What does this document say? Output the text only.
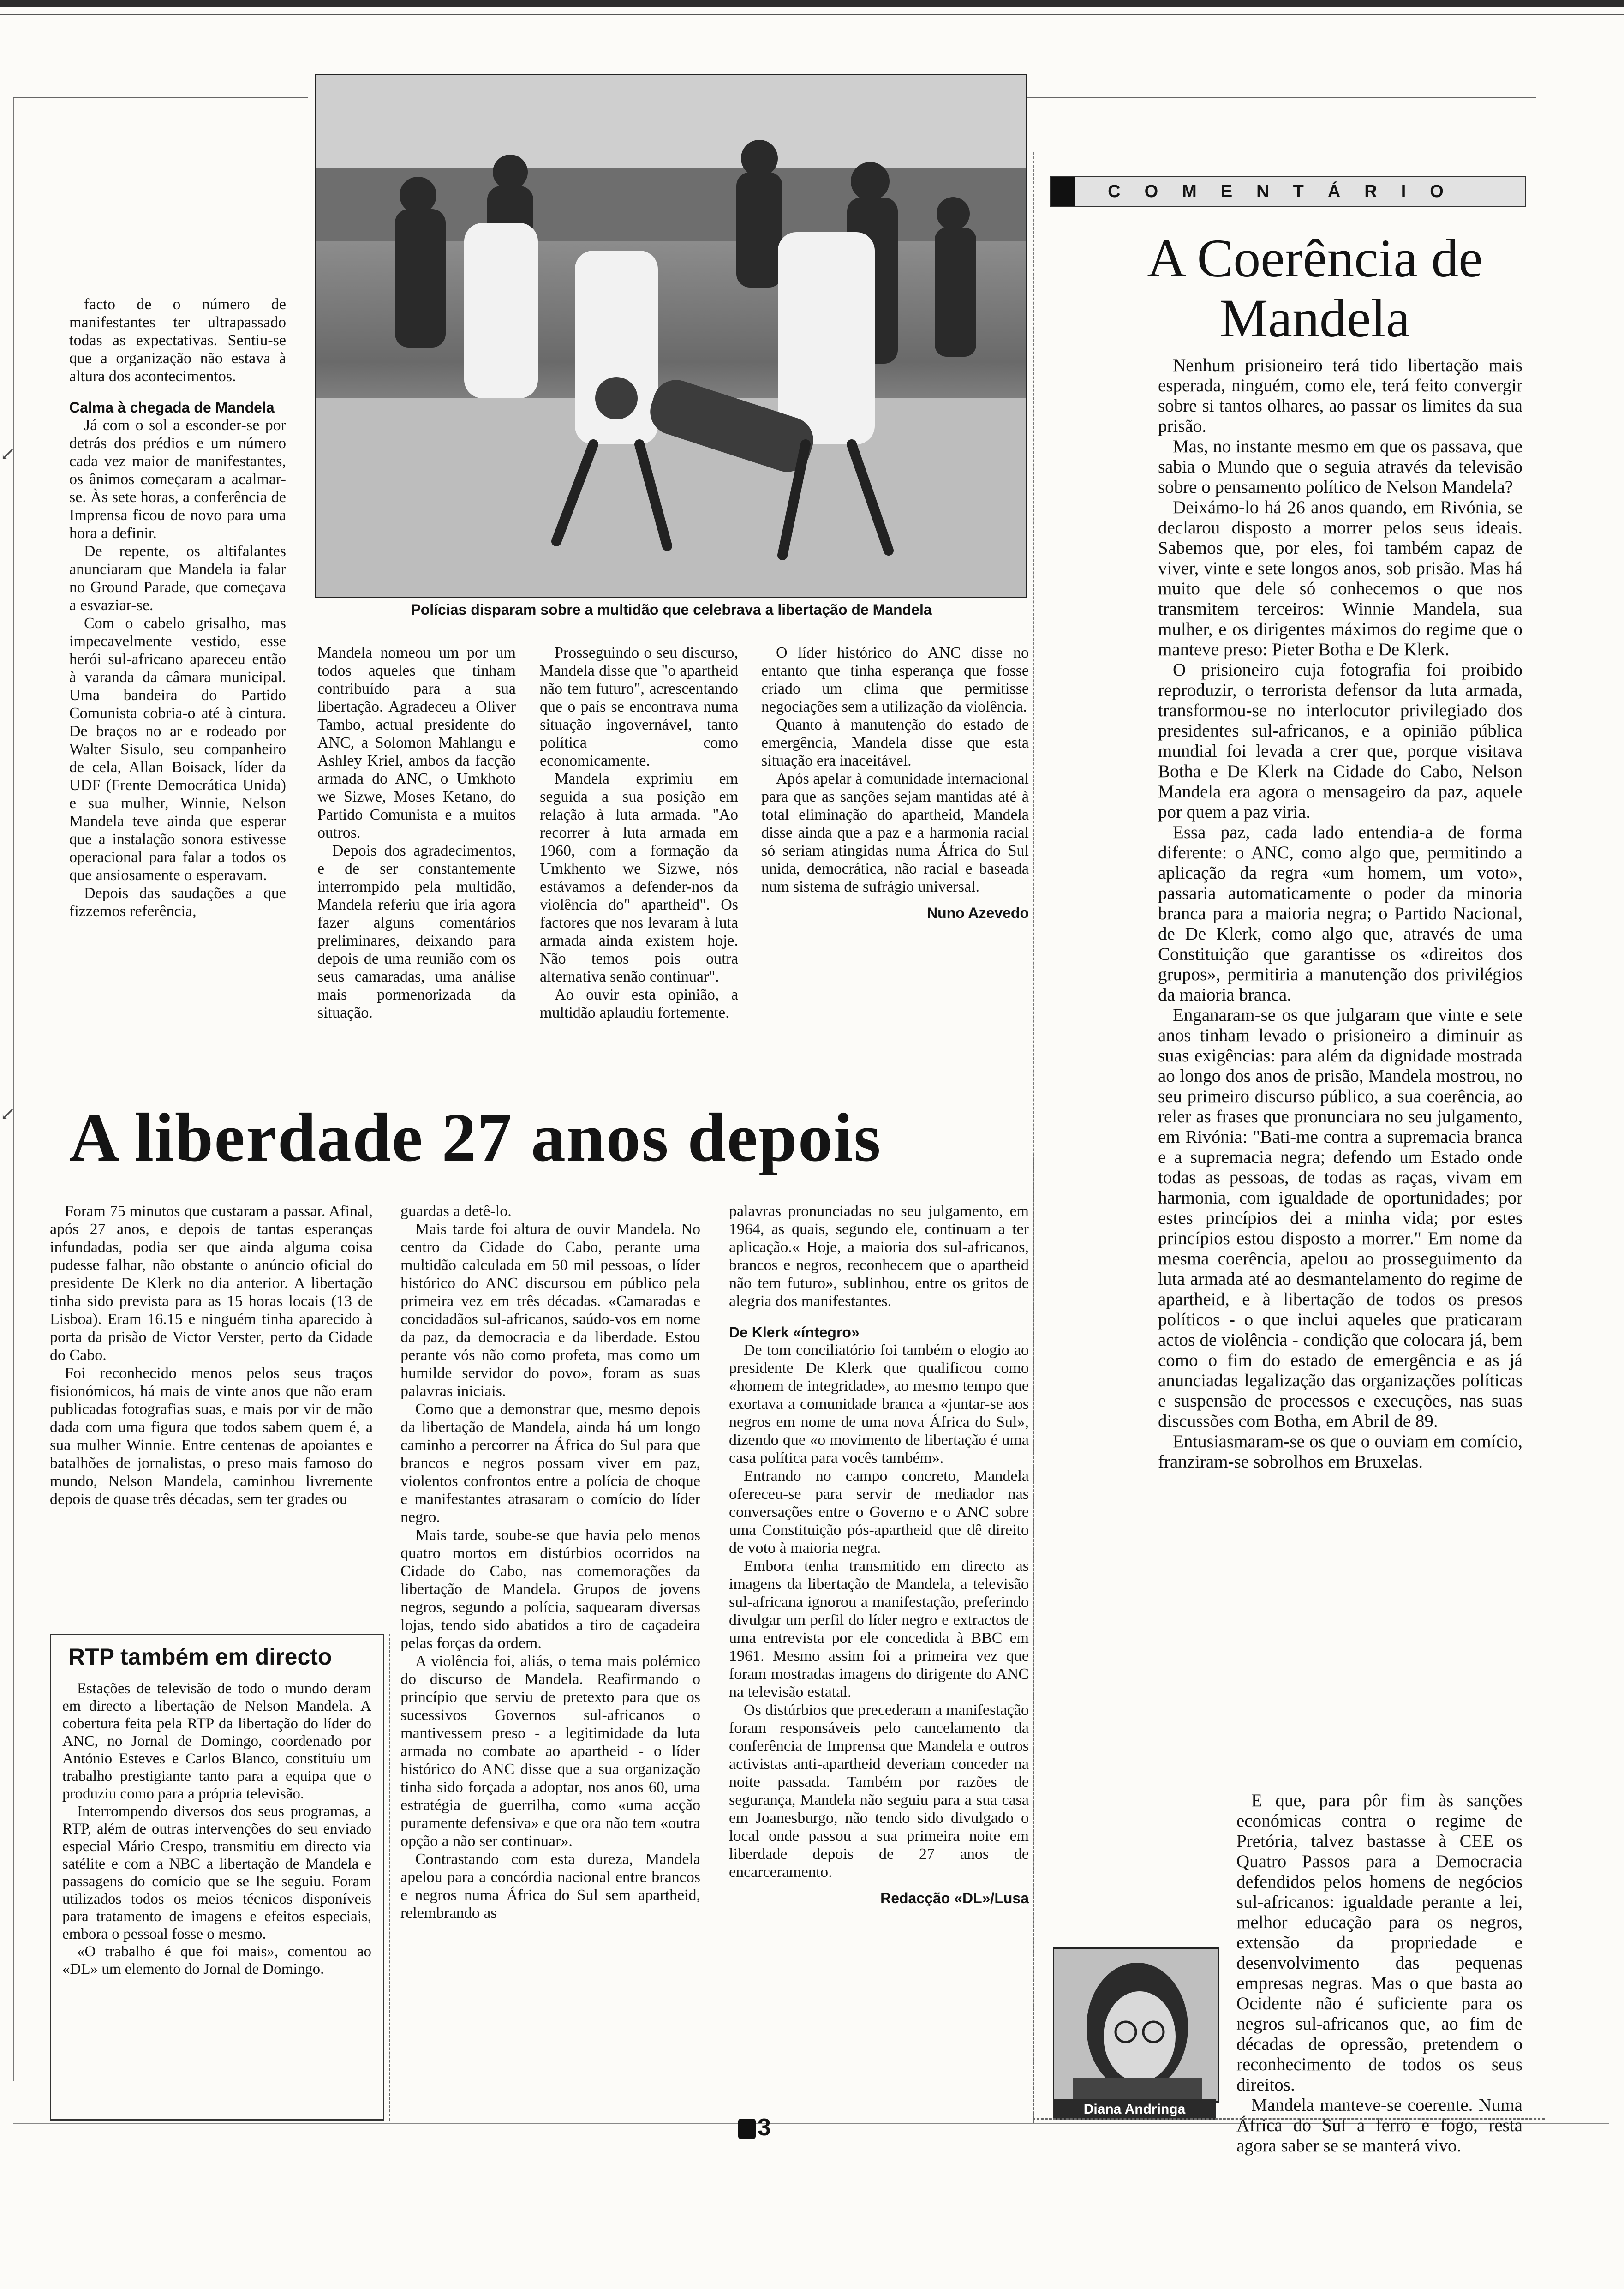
Polícias disparam sobre a multidão que celebrava a libertação de Mandela

facto de o número de manifestantes ter ultrapassado todas as expectativas. Sentiu-se que a organização não estava à altura dos acontecimentos.

Calma à chegada de Mandela

Já com o sol a esconder-se por detrás dos prédios e um número cada vez maior de manifestantes, os ânimos começaram a acalmar-se. Às sete horas, a conferência de Imprensa ficou de novo para uma hora a definir.

De repente, os altifalantes anunciaram que Mandela ia falar no Ground Parade, que começava a esvaziar-se.

Com o cabelo grisalho, mas impecavelmente vestido, esse herói sul-africano apareceu então à varanda da câmara municipal. Uma bandeira do Partido Comunista cobria-o até à cintura. De braços no ar e rodeado por Walter Sisulo, seu companheiro de cela, Allan Boisack, líder da UDF (Frente Democrática Unida) e sua mulher, Winnie, Nelson Mandela teve ainda que esperar que a instalação sonora estivesse operacional para falar a todos os que ansiosamente o esperavam.

Depois das saudações a que fizzemos referência,

Mandela nomeou um por um todos aqueles que tinham contribuído para a sua libertação. Agradeceu a Oliver Tambo, actual presidente do ANC, a Solomon Mahlangu e Ashley Kriel, ambos da facção armada do ANC, o Umkhoto we Sizwe, Moses Ketano, do Partido Comunista e a muitos outros.

Depois dos agradecimentos, e de ser constantemente interrompido pela multidão, Mandela referiu que iria agora fazer alguns comentários preliminares, deixando para depois de uma reunião com os seus camaradas, uma análise mais pormenorizada da situação.

Prosseguindo o seu discurso, Mandela disse que "o apartheid não tem futuro", acrescentando que o país se encontrava numa situação ingovernável, tanto política como economicamente.

Mandela exprimiu em seguida a sua posição em relação à luta armada. "Ao recorrer à luta armada em 1960, com a formação da Umkhento we Sizwe, nós estávamos a defender-nos da violência do" apartheid". Os factores que nos levaram à luta armada ainda existem hoje. Não temos pois outra alternativa senão continuar".

Ao ouvir esta opinião, a multidão aplaudiu fortemente.

O líder histórico do ANC disse no entanto que tinha esperança que fosse criado um clima que permitisse negociações sem a utilização da violência.

Quanto à manutenção do estado de emergência, Mandela disse que esta situação era inaceitável.

Após apelar à comunidade internacional para que as sanções sejam mantidas até à total eliminação do apartheid, Mandela disse ainda que a paz e a harmonia racial só seriam atingidas numa África do Sul unida, democrática, não racial e baseada num sistema de sufrágio universal.

Nuno Azevedo
A liberdade 27 anos depois

Foram 75 minutos que custaram a passar. Afinal, após 27 anos, e depois de tantas esperanças infundadas, podia ser que ainda alguma coisa pudesse falhar, não obstante o anúncio oficial do presidente De Klerk no dia anterior. A libertação tinha sido prevista para as 15 horas locais (13 de Lisboa). Eram 16.15 e ninguém tinha aparecido à porta da prisão de Victor Verster, perto da Cidade do Cabo.

Foi reconhecido menos pelos seus traços fisionómicos, há mais de vinte anos que não eram publicadas fotografias suas, e mais por vir de mão dada com uma figura que todos sabem quem é, a sua mulher Winnie. Entre centenas de apoiantes e batalhões de jornalistas, o preso mais famoso do mundo, Nelson Mandela, caminhou livremente depois de quase três décadas, sem ter grades ou

guardas a detê-lo.

Mais tarde foi altura de ouvir Mandela. No centro da Cidade do Cabo, perante uma multidão calculada em 50 mil pessoas, o líder histórico do ANC discursou em público pela primeira vez em três décadas. «Camaradas e concidadãos sul-africanos, saúdo-vos em nome da paz, da democracia e da liberdade. Estou perante vós não como profeta, mas como um humilde servidor do povo», foram as suas palavras iniciais.

Como que a demonstrar que, mesmo depois da libertação de Mandela, ainda há um longo caminho a percorrer na África do Sul para que brancos e negros possam viver em paz, violentos confrontos entre a polícia de choque e manifestantes atrasaram o comício do líder negro.

Mais tarde, soube-se que havia pelo menos quatro mortos em distúrbios ocorridos na Cidade do Cabo, nas comemorações da libertação de Mandela. Grupos de jovens negros, segundo a polícia, saquearam diversas lojas, tendo sido abatidos a tiro de caçadeira pelas forças da ordem.

A violência foi, aliás, o tema mais polémico do discurso de Mandela. Reafirmando o princípio que serviu de pretexto para que os sucessivos Governos sul-africanos o mantivessem preso - a legitimidade da luta armada no combate ao apartheid - o líder histórico do ANC disse que a sua organização tinha sido forçada a adoptar, nos anos 60, uma estratégia de guerrilha, como «uma acção puramente defensiva» e que ora não tem «outra opção a não ser continuar».

Contrastando com esta dureza, Mandela apelou para a concórdia nacional entre brancos e negros numa África do Sul sem apartheid, relembrando as

palavras pronunciadas no seu julgamento, em 1964, as quais, segundo ele, continuam a ter aplicação.« Hoje, a maioria dos sul-africanos, brancos e negros, reconhecem que o apartheid não tem futuro», sublinhou, entre os gritos de alegria dos manifestantes.

De Klerk «íntegro»

De tom conciliatório foi também o elogio ao presidente De Klerk que qualificou como «homem de integridade», ao mesmo tempo que exortava a comunidade branca a «juntar-se aos negros em nome de uma nova África do Sul», dizendo que «o movimento de libertação é uma casa política para vocês também».

Entrando no campo concreto, Mandela ofereceu-se para servir de mediador nas conversações entre o Governo e o ANC sobre uma Constituição pós-apartheid que dê direito de voto à maioria negra.

Embora tenha transmitido em directo as imagens da libertação de Mandela, a televisão sul-africana ignorou a manifestação, preferindo divulgar um perfil do líder negro e extractos de uma entrevista por ele concedida à BBC em 1961. Mesmo assim foi a primeira vez que foram mostradas imagens do dirigente do ANC na televisão estatal.

Os distúrbios que precederam a manifestação foram responsáveis pelo cancelamento da conferência de Imprensa que Mandela e outros activistas anti-apartheid deveriam conceder na noite passada. Também por razões de segurança, Mandela não seguiu para a sua casa em Joanesburgo, não tendo sido divulgado o local onde passou a sua primeira noite em liberdade depois de 27 anos de encarceramento.

Redacção «DL»/Lusa
RTP também em directo

Estações de televisão de todo o mundo deram em directo a libertação de Nelson Mandela. A cobertura feita pela RTP da libertação do líder do ANC, no Jornal de Domingo, coordenado por António Esteves e Carlos Blanco, constituiu um trabalho prestigiante tanto para a equipa que o produziu como para a própria televisão.

Interrompendo diversos dos seus programas, a RTP, além de outras intervenções do seu enviado especial Mário Crespo, transmitiu em directo via satélite e com a NBC a libertação de Mandela e passagens do comício que se lhe seguiu. Foram utilizados todos os meios técnicos disponíveis para tratamento de imagens e efeitos especiais, embora o pessoal fosse o mesmo.

«O trabalho é que foi mais», comentou ao «DL» um elemento do Jornal de Domingo.

COMENTÁRIO
A Coerência de Mandela

Nenhum prisioneiro terá tido libertação mais esperada, ninguém, como ele, terá feito convergir sobre si tantos olhares, ao passar os limites da sua prisão.

Mas, no instante mesmo em que os passava, que sabia o Mundo que o seguia através da televisão sobre o pensamento político de Nelson Mandela?

Deixámo-lo há 26 anos quando, em Rivónia, se declarou disposto a morrer pelos seus ideais. Sabemos que, por eles, foi também capaz de viver, vinte e sete longos anos, sob prisão. Mas há muito que dele só conhecemos o que nos transmitem terceiros: Winnie Mandela, sua mulher, e os dirigentes máximos do regime que o manteve preso: Pieter Botha e De Klerk.

O prisioneiro cuja fotografia foi proibido reproduzir, o terrorista defensor da luta armada, transformou-se no interlocutor privilegiado dos presidentes sul-africanos, e a opinião pública mundial foi levada a crer que, porque visitava Botha e De Klerk na Cidade do Cabo, Nelson Mandela era agora o mensageiro da paz, aquele por quem a paz viria.

Essa paz, cada lado entendia-a de forma diferente: o ANC, como algo que, permitindo a aplicação da regra «um homem, um voto», passaria automaticamente o poder da minoria branca para a maioria negra; o Partido Nacional, de De Klerk, como algo que, através de uma Constituição que garantisse os «direitos dos grupos», permitiria a manutenção dos privilégios da maioria branca.

Enganaram-se os que julgaram que vinte e sete anos tinham levado o prisioneiro a diminuir as suas exigências: para além da dignidade mostrada ao longo dos anos de prisão, Mandela mostrou, no seu primeiro discurso público, a sua coerência, ao reler as frases que pronunciara no seu julgamento, em Rivónia: "Bati-me contra a supremacia branca e a supremacia negra; defendo um Estado onde todas as pessoas, de todas as raças, vivam em harmonia, com igualdade de oportunidades; por estes princípios dei a minha vida; por estes princípios estou disposto a morrer." Em nome da mesma coerência, apelou ao prosseguimento da luta armada até ao desmantelamento do regime de apartheid, e à libertação de todos os presos políticos - o que inclui aqueles que praticaram actos de violência - condição que colocara já, bem como o fim do estado de emergência e as já anunciadas legalização das organizações políticas e suspensão de processos e execuções, nas suas discussões com Botha, em Abril de 89.

Entusiasmaram-se os que o ouviam em comício, franziram-se sobrolhos em Bruxelas.

E que, para pôr fim às sanções económicas contra o regime de Pretória, talvez bastasse à CEE os Quatro Passos para a Democracia defendidos pelos homens de negócios sul-africanos: igualdade perante a lei, melhor educação para os negros, extensão da propriedade e desenvolvimento das pequenas empresas negras. Mas o que basta ao Ocidente não é suficiente para os negros sul-africanos que, ao fim de décadas de opressão, pretendem o reconhecimento de todos os seus direitos.

Mandela manteve-se coerente. Numa África do Sul a ferro e fogo, resta agora saber se se manterá vivo.

Diana Andringa
3
↙
↙
